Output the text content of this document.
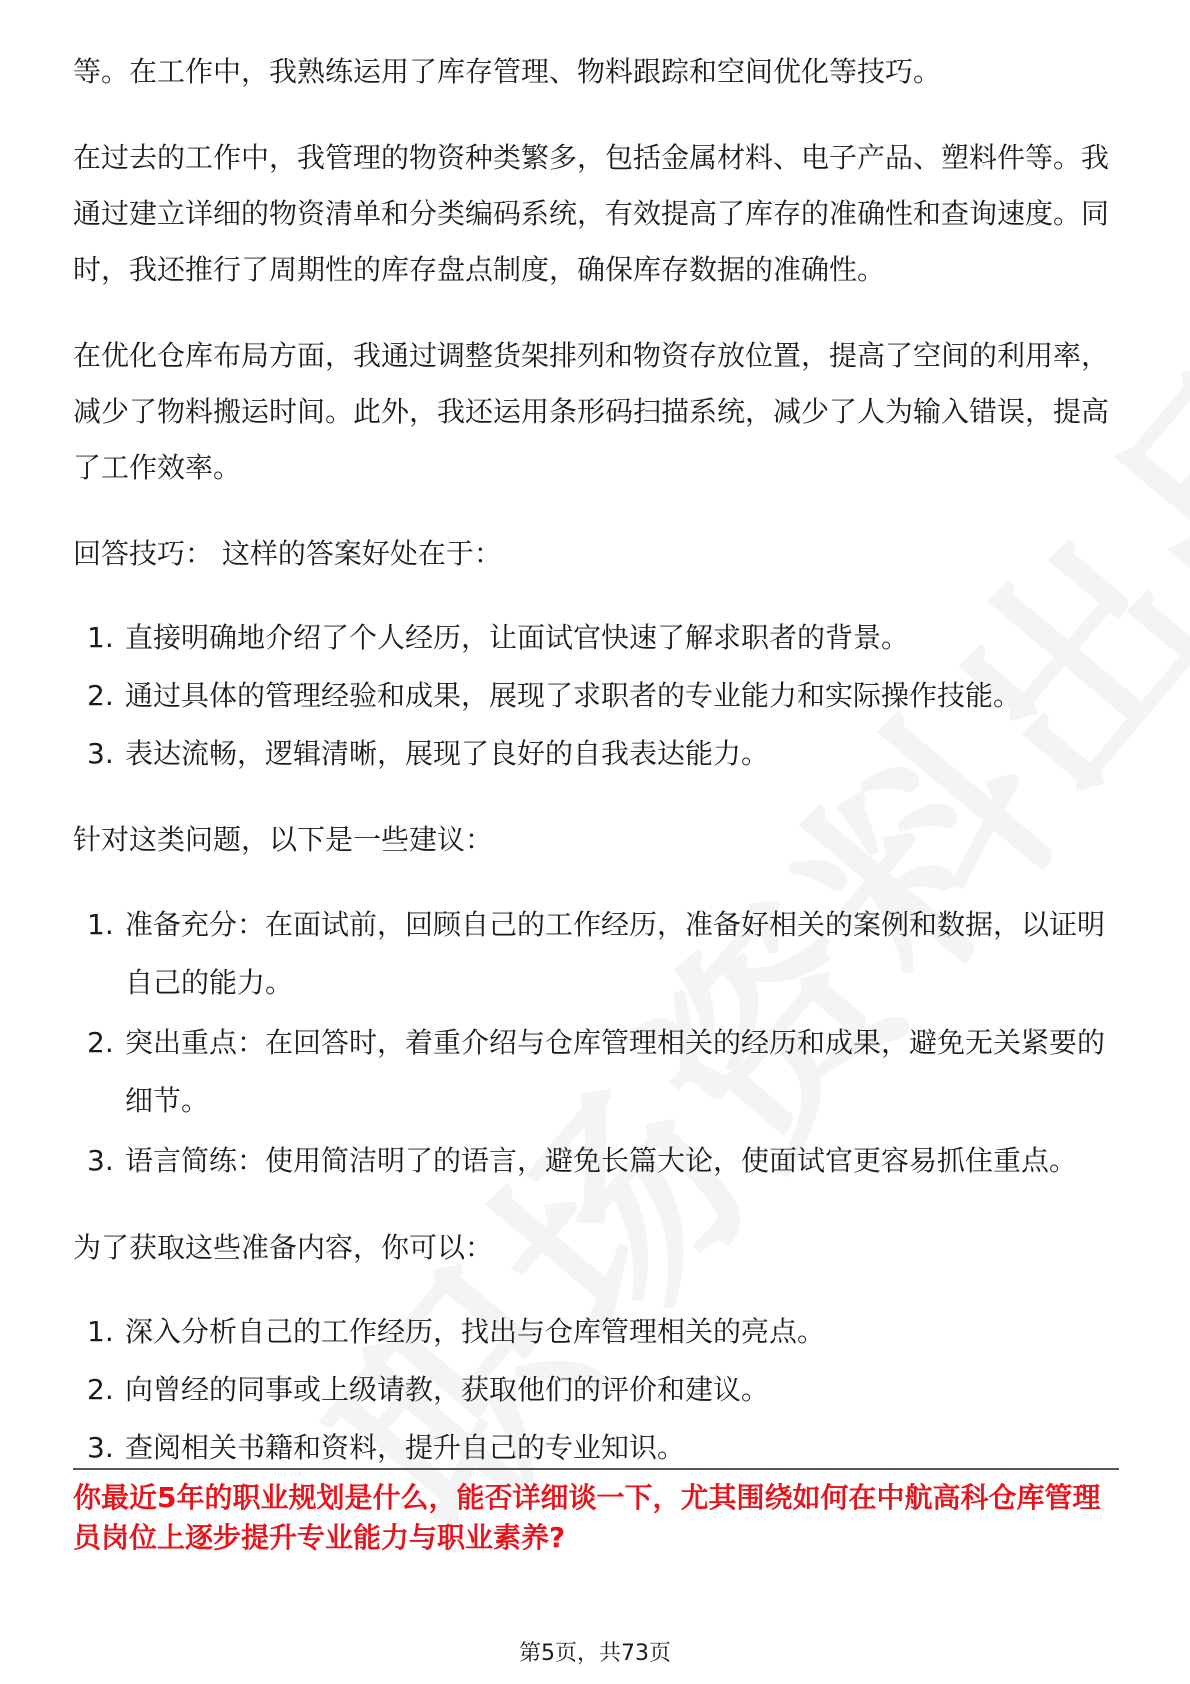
等。在工作中，我熟练运用了库存管理、物料跟踪和空间优化等技巧。

在过去的工作中，我管理的物资种类繁多，包括金属材料、电子产品、塑料件等。我通过建立详细的物资清单和分类编码系统，有效提高了库存的准确性和查询速度。同时，我还推行了周期性的库存盘点制度，确保库存数据的准确性。

在优化仓库布局方面，我通过调整货架排列和物资存放位置，提高了空间的利用率，减少了物料搬运时间。此外，我还运用条形码扫描系统，减少了人为输入错误，提高了工作效率。

回答技巧： 这样的答案好处在于：

1. 直接明确地介绍了个人经历，让面试官快速了解求职者的背景。
2. 通过具体的管理经验和成果，展现了求职者的专业能力和实际操作技能。
3. 表达流畅，逻辑清晰，展现了良好的自我表达能力。

针对这类问题，以下是一些建议：

1. 准备充分：在面试前，回顾自己的工作经历，准备好相关的案例和数据，以证明自己的能力。
2. 突出重点：在回答时，着重介绍与仓库管理相关的经历和成果，避免无关紧要的细节。
3. 语言简练：使用简洁明了的语言，避免长篇大论，使面试官更容易抓住重点。

为了获取这些准备内容，你可以：

1. 深入分析自己的工作经历，找出与仓库管理相关的亮点。
2. 向曾经的同事或上级请教，获取他们的评价和建议。
3. 查阅相关书籍和资料，提升自己的专业知识。
你最近5年的职业规划是什么，能否详细谈一下，尤其围绕如何在中航高科仓库管理员岗位上逐步提升专业能力与职业素养?
第5页，共73页
